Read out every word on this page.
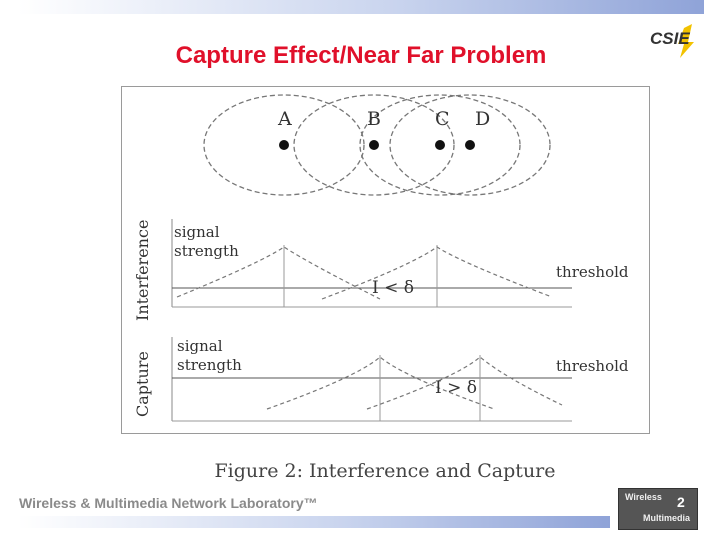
Capture Effect/Near Far Problem
CSIE
A	B	C D
Interference signal
strength
threshold
I < δ
Capture
signal
strength	threshold
I > δ
Figure 2: Interference and Capture
Wireless & Multimedia Network Laboratory™	Wireless 2
Multimedia
